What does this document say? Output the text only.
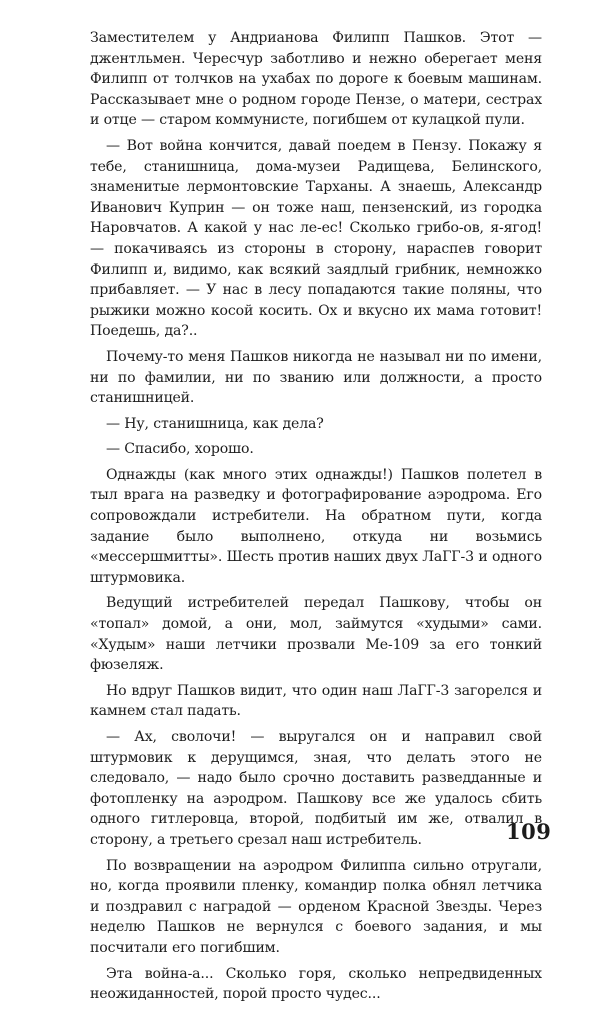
Заместителем у Андрианова Филипп Пашков. Этот — джентльмен. Чересчур заботливо и нежно оберегает меня Филипп от толчков на ухабах по дороге к боевым машинам. Рассказывает мне о родном городе Пензе, о матери, сестрах и отце — старом коммунисте, погибшем от кулацкой пули.

— Вот война кончится, давай поедем в Пензу. Покажу я тебе, станишница, дома-музеи Радищева, Белинского, знаменитые лермонтовские Тарханы. А знаешь, Александр Иванович Куприн — он тоже наш, пензенский, из городка Наровчатов. А какой у нас ле-ес! Сколько грибо-ов, я-ягод! — покачиваясь из стороны в сторону, нараспев говорит Филипп и, видимо, как всякий заядлый грибник, немножко прибавляет. — У нас в лесу попадаются такие поляны, что рыжики можно косой косить. Ох и вкусно их мама готовит! Поедешь, да?..

Почему-то меня Пашков никогда не называл ни по имени, ни по фамилии, ни по званию или должности, а просто станишницей.

— Ну, станишница, как дела?

— Спасибо, хорошо.

Однажды (как много этих однажды!) Пашков полетел в тыл врага на разведку и фотографирование аэродрома. Его сопровождали истребители. На обратном пути, когда задание было выполнено, откуда ни возьмись «мессершмитты». Шесть против наших двух ЛаГГ-3 и одного штурмовика.

Ведущий истребителей передал Пашкову, чтобы он «топал» домой, а они, мол, займутся «худыми» сами. «Худым» наши летчики прозвали Ме-109 за его тонкий фюзеляж.

Но вдруг Пашков видит, что один наш ЛаГГ-3 загорелся и камнем стал падать.

— Ах, сволочи! — выругался он и направил свой штурмовик к дерущимся, зная, что делать этого не следовало, — надо было срочно доставить разведданные и фотопленку на аэродром. Пашкову все же удалось сбить одного гитлеровца, второй, подбитый им же, отвалил в сторону, а третьего срезал наш истребитель.

По возвращении на аэродром Филиппа сильно отругали, но, когда проявили пленку, командир полка обнял летчика и поздравил с наградой — орденом Красной Звезды. Через неделю Пашков не вернулся с боевого задания, и мы посчитали его погибшим.

Эта война-а... Сколько горя, сколько непредвиденных неожиданностей, порой просто чудес...

109
